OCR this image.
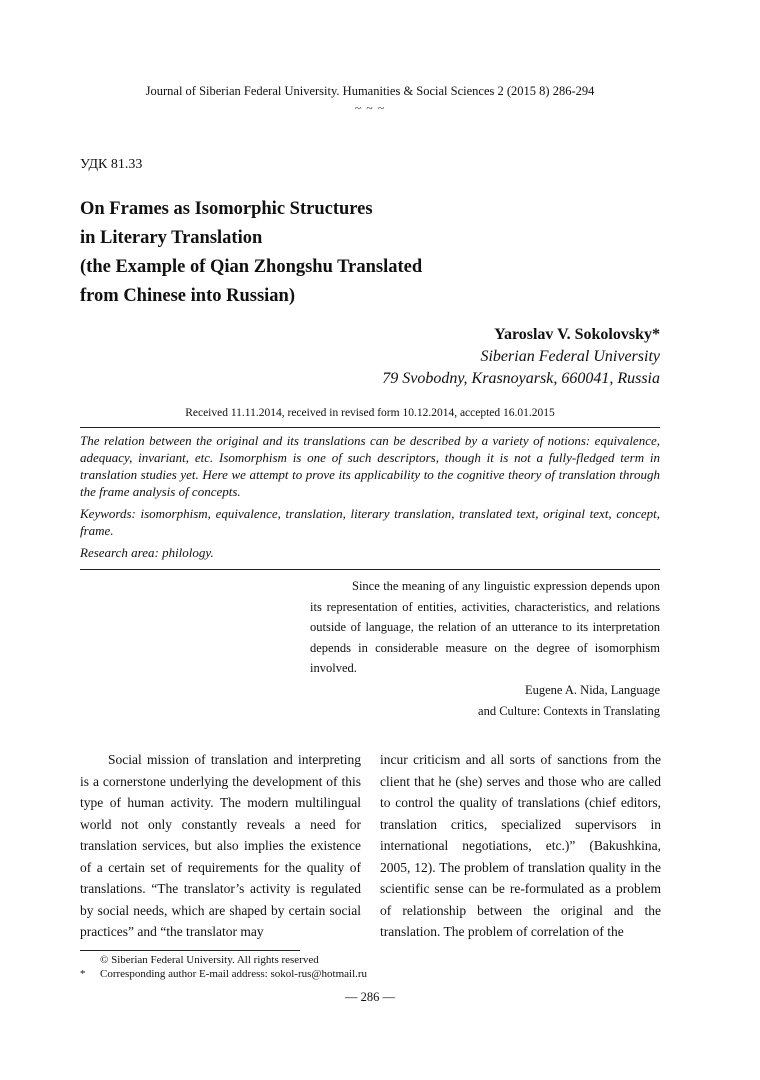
Journal of Siberian Federal University. Humanities & Social Sciences 2 (2015 8) 286-294
~ ~ ~
УДК 81.33
On Frames as Isomorphic Structures
in Literary Translation
(the Example of Qian Zhongshu Translated
from Chinese into Russian)
Yaroslav V. Sokolovsky*
Siberian Federal University
79 Svobodny, Krasnoyarsk, 660041, Russia
Received 11.11.2014, received in revised form 10.12.2014, accepted 16.01.2015

The relation between the original and its translations can be described by a variety of notions: equivalence, adequacy, invariant, etc. Isomorphism is one of such descriptors, though it is not a fully-fledged term in translation studies yet. Here we attempt to prove its applicability to the cognitive theory of translation through the frame analysis of concepts.

Keywords: isomorphism, equivalence, translation, literary translation, translated text, original text, concept, frame.

Research area: philology.

Since the meaning of any linguistic expression depends upon its representation of entities, activities, characteristics, and relations outside of language, the relation of an utterance to its interpretation depends in considerable measure on the degree of isomorphism involved.

Eugene A. Nida, Language

and Culture: Contexts in Translating

Social mission of translation and interpreting is a cornerstone underlying the development of this type of human activity. The modern multilingual world not only constantly reveals a need for translation services, but also implies the existence of a certain set of requirements for the quality of translations. “The translator’s activity is regulated by social needs, which are shaped by certain social practices” and “the translator may

incur criticism and all sorts of sanctions from the client that he (she) serves and those who are called to control the quality of translations (chief editors, translation critics, specialized supervisors in international negotiations, etc.)” (Bakushkina, 2005, 12). The problem of translation quality in the scientific sense can be re-formulated as a problem of relationship between the original and the translation. The problem of correlation of the

© Siberian Federal University. All rights reserved
* Corresponding author E-mail address: sokol-rus@hotmail.ru
— 286 —
